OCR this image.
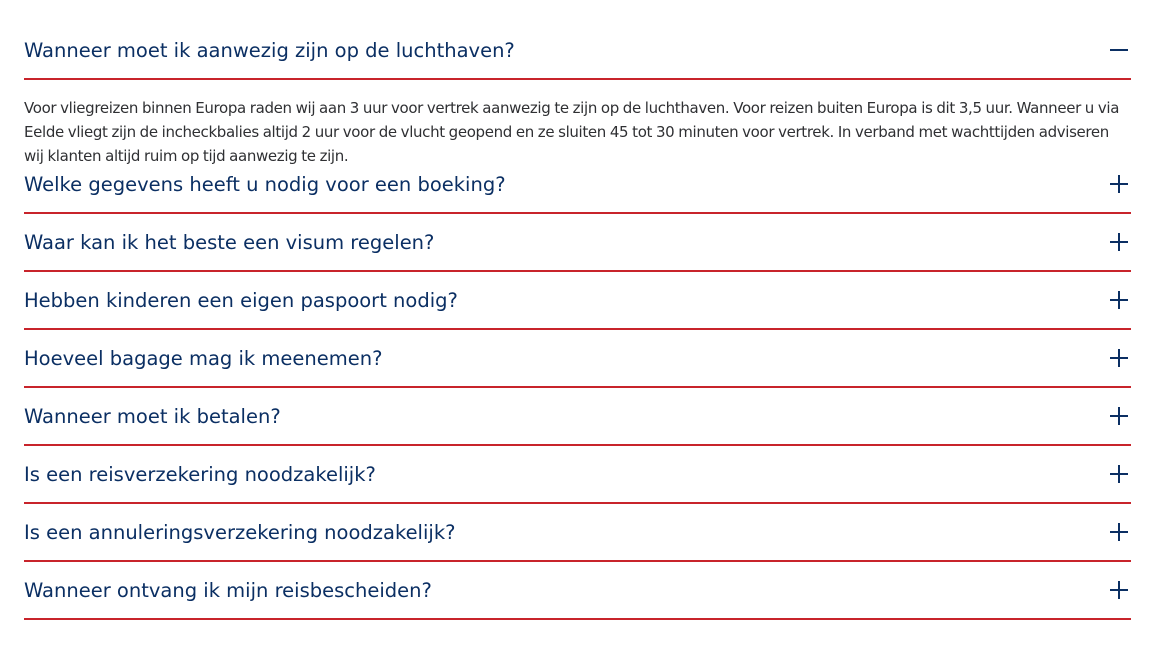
Wanneer moet ik aanwezig zijn op de luchthaven?
Voor vliegreizen binnen Europa raden wij aan 3 uur voor vertrek aanwezig te zijn op de luchthaven. Voor reizen buiten Europa is dit 3,5 uur. Wanneer u via Eelde vliegt zijn de incheckbalies altijd 2 uur voor de vlucht geopend en ze sluiten 45 tot 30 minuten voor vertrek. In verband met wachttijden adviseren wij klanten altijd ruim op tijd aanwezig te zijn.
Welke gegevens heeft u nodig voor een boeking?
Waar kan ik het beste een visum regelen?
Hebben kinderen een eigen paspoort nodig?
Hoeveel bagage mag ik meenemen?
Wanneer moet ik betalen?
Is een reisverzekering noodzakelijk?
Is een annuleringsverzekering noodzakelijk?
Wanneer ontvang ik mijn reisbescheiden?
